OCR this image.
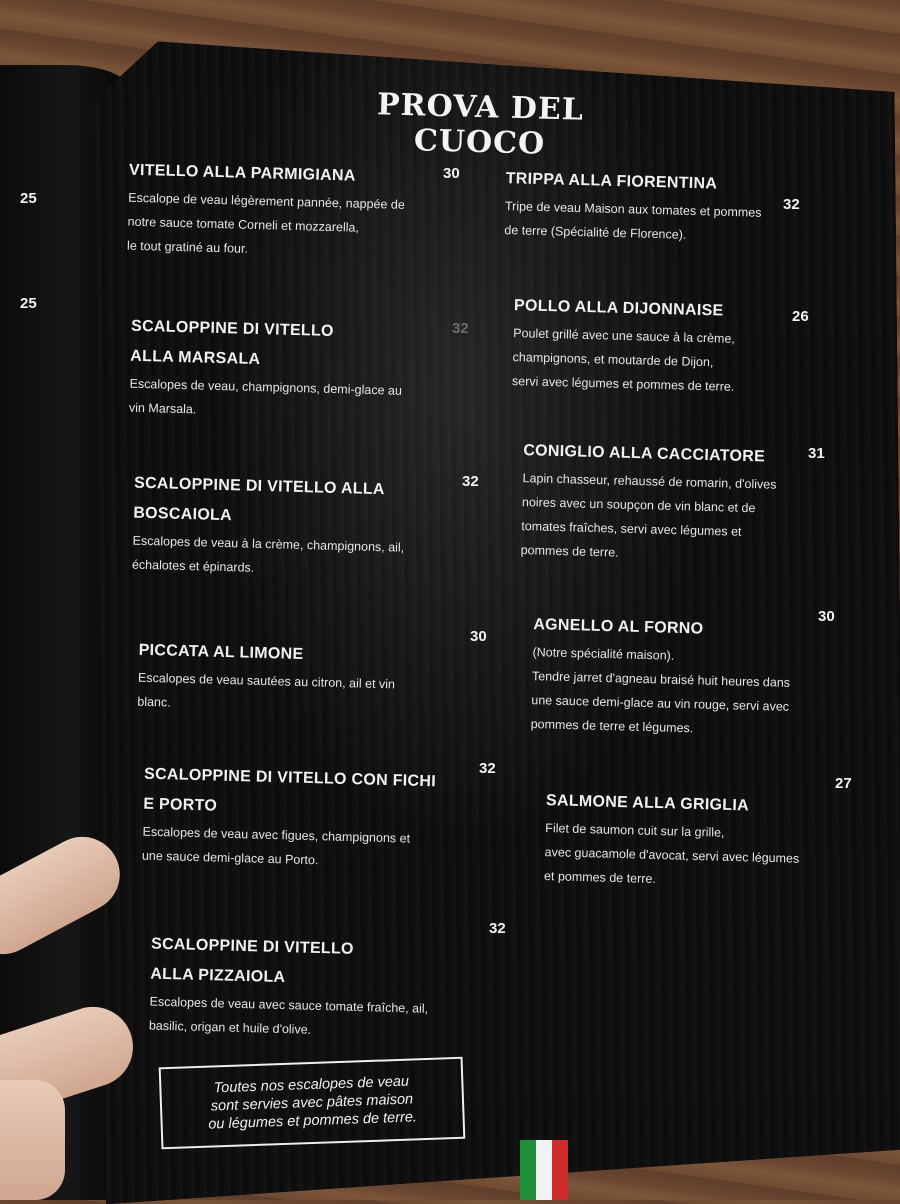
25
25
PROVA DEL CUOCO
VITELLO ALLA PARMIGIANA
Escalope de veau légèrement pannée, nappée de
notre sauce tomate Corneli et mozzarella,
le tout gratiné au four.
30
SCALOPPINE DI VITELLO
ALLA MARSALA
Escalopes de veau, champignons, demi-glace au
vin Marsala.
32
SCALOPPINE DI VITELLO ALLA
BOSCAIOLA
Escalopes de veau à la crème, champignons, ail,
échalotes et épinards.
32
PICCATA AL LIMONE
Escalopes de veau sautées au citron, ail et vin
blanc.
30
SCALOPPINE DI VITELLO CON FICHI
E PORTO
Escalopes de veau avec figues, champignons et
une sauce demi-glace au Porto.
32
SCALOPPINE DI VITELLO
ALLA PIZZAIOLA
Escalopes de veau avec sauce tomate fraîche, ail,
basilic, origan et huile d'olive.
32
TRIPPA ALLA FIORENTINA
Tripe de veau Maison aux tomates et pommes
de terre (Spécialité de Florence).
32
POLLO ALLA DIJONNAISE
Poulet grillé avec une sauce à la crème,
champignons, et moutarde de Dijon,
servi avec légumes et pommes de terre.
26
CONIGLIO ALLA CACCIATORE
Lapin chasseur, rehaussé de romarin, d'olives
noires avec un soupçon de vin blanc et de
tomates fraîches, servi avec légumes et
pommes de terre.
31
AGNELLO AL FORNO
(Notre spécialité maison).
Tendre jarret d'agneau braisé huit heures dans
une sauce demi-glace au vin rouge, servi avec
pommes de terre et légumes.
30
SALMONE ALLA GRIGLIA
Filet de saumon cuit sur la grille,
avec guacamole d'avocat, servi avec légumes
et pommes de terre.
27
Toutes nos escalopes de veau
sont servies avec pâtes maison
ou légumes et pommes de terre.
